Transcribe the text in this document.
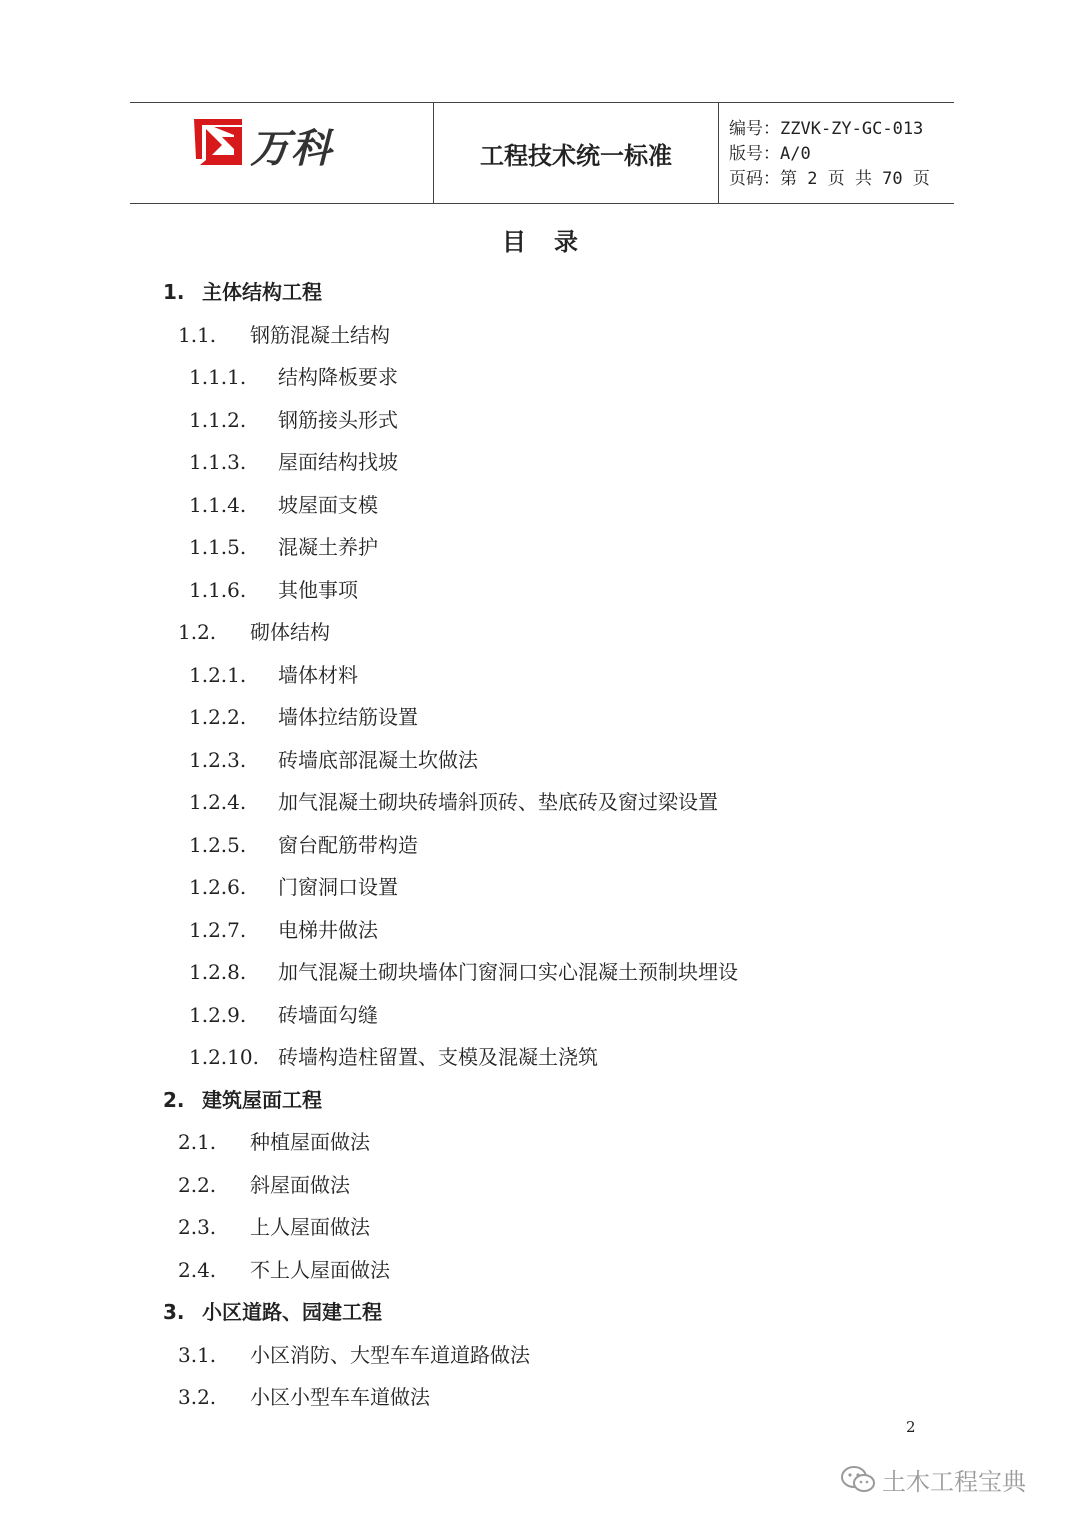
万科	工程技术统一标准
编号：ZZVK-ZY-GC-013
版号：A/0
页码：第 2 页 共 70 页
目录
1. 主体结构工程
1.1. 钢筋混凝土结构
1.1.1. 结构降板要求
1.1.2. 钢筋接头形式
1.1.3. 屋面结构找坡
1.1.4. 坡屋面支模
1.1.5. 混凝土养护
1.1.6. 其他事项
1.2. 砌体结构
1.2.1. 墙体材料
1.2.2. 墙体拉结筋设置
1.2.3. 砖墙底部混凝土坎做法
1.2.4. 加气混凝土砌块砖墙斜顶砖、垫底砖及窗过梁设置
1.2.5. 窗台配筋带构造
1.2.6. 门窗洞口设置
1.2.7. 电梯井做法
1.2.8. 加气混凝土砌块墙体门窗洞口实心混凝土预制块埋设
1.2.9. 砖墙面勾缝
1.2.10. 砖墙构造柱留置、支模及混凝土浇筑
2. 建筑屋面工程
2.1. 种植屋面做法
2.2. 斜屋面做法
2.3. 上人屋面做法
2.4. 不上人屋面做法
3. 小区道路、园建工程
3.1. 小区消防、大型车车道道路做法
3.2. 小区小型车车道做法
2
土木工程宝典
